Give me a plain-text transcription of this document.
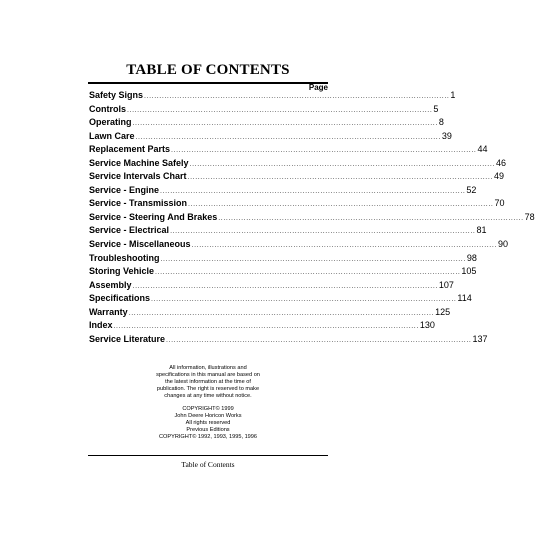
TABLE OF CONTENTS
Page
Safety Signs ........................................................................................................................ 1
Controls ........................................................................................................................ 5
Operating ........................................................................................................................ 8
Lawn Care ........................................................................................................................ 39
Replacement Parts ........................................................................................................................ 44
Service Machine Safely ........................................................................................................................ 46
Service Intervals Chart ........................................................................................................................ 49
Service - Engine ........................................................................................................................ 52
Service - Transmission ........................................................................................................................ 70
Service - Steering And Brakes ........................................................................................................................ 78
Service - Electrical ........................................................................................................................ 81
Service - Miscellaneous ........................................................................................................................ 90
Troubleshooting ........................................................................................................................ 98
Storing Vehicle ........................................................................................................................ 105
Assembly ........................................................................................................................ 107
Specifications ........................................................................................................................ 114
Warranty ........................................................................................................................ 125
Index ........................................................................................................................ 130
Service Literature ........................................................................................................................ 137
All information, illustrations and
specifications in this manual are based on
the latest information at the time of
publication. The right is reserved to make
changes at any time without notice.
COPYRIGHT© 1999
John Deere Horicon Works
All rights reserved
Previous Editions
COPYRIGHT© 1992, 1993, 1995, 1996
Table of Contents
